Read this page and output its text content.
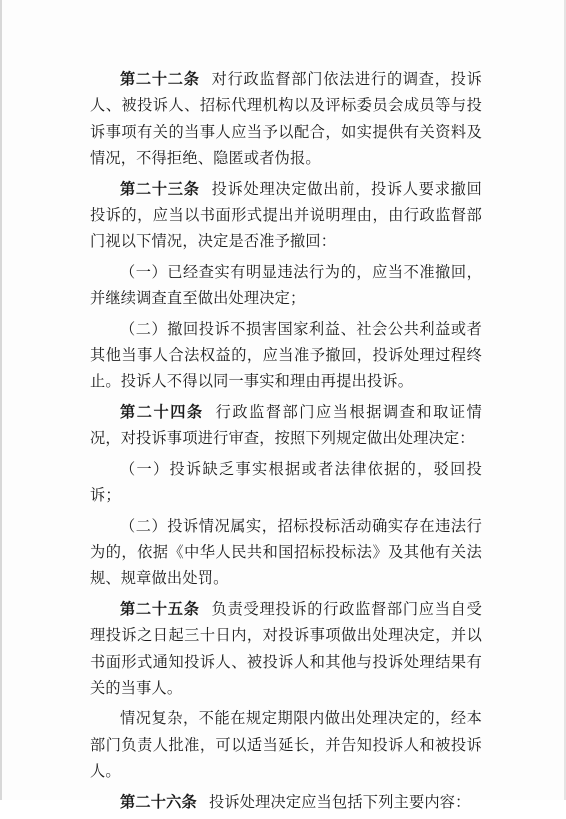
第二十二条 对行政监督部门依法进行的调查，投诉人、被投诉人、招标代理机构以及评标委员会成员等与投诉事项有关的当事人应当予以配合，如实提供有关资料及情况，不得拒绝、隐匿或者伪报。

第二十三条 投诉处理决定做出前，投诉人要求撤回投诉的，应当以书面形式提出并说明理由，由行政监督部门视以下情况，决定是否准予撤回：

（一）已经查实有明显违法行为的，应当不准撤回，并继续调查直至做出处理决定；

（二）撤回投诉不损害国家利益、社会公共利益或者其他当事人合法权益的，应当准予撤回，投诉处理过程终止。投诉人不得以同一事实和理由再提出投诉。

第二十四条 行政监督部门应当根据调查和取证情况，对投诉事项进行审查，按照下列规定做出处理决定：

（一）投诉缺乏事实根据或者法律依据的，驳回投诉；

（二）投诉情况属实，招标投标活动确实存在违法行为的，依据《中华人民共和国招标投标法》及其他有关法规、规章做出处罚。

第二十五条 负责受理投诉的行政监督部门应当自受理投诉之日起三十日内，对投诉事项做出处理决定，并以书面形式通知投诉人、被投诉人和其他与投诉处理结果有关的当事人。

情况复杂，不能在规定期限内做出处理决定的，经本部门负责人批准，可以适当延长，并告知投诉人和被投诉人。

第二十六条 投诉处理决定应当包括下列主要内容：
